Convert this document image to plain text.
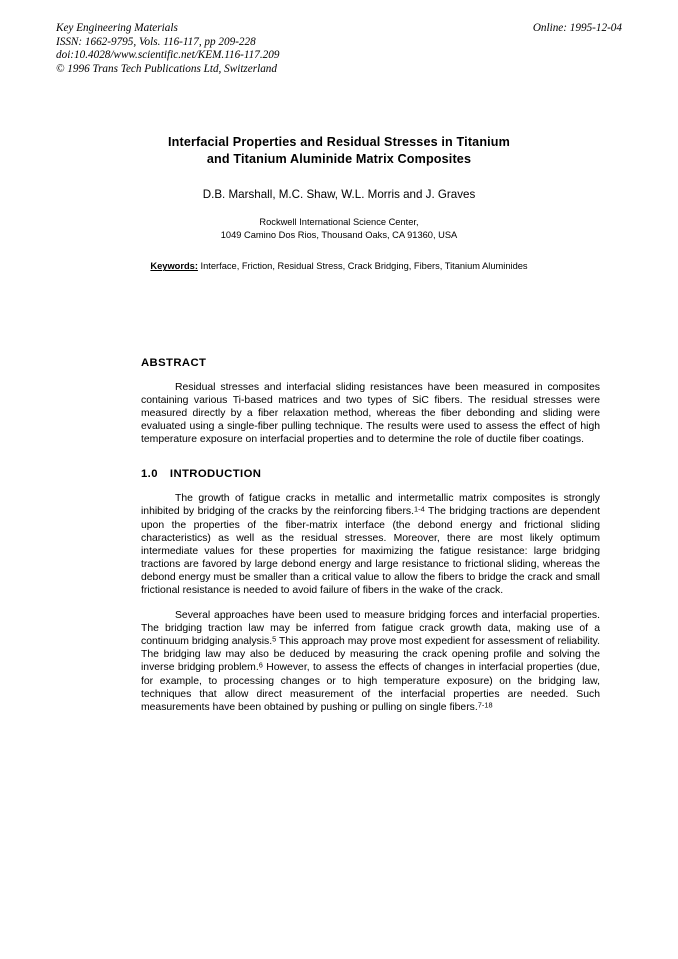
Key Engineering Materials
ISSN: 1662-9795, Vols. 116-117, pp 209-228
doi:10.4028/www.scientific.net/KEM.116-117.209
© 1996 Trans Tech Publications Ltd, Switzerland
Online: 1995-12-04
Interfacial Properties and Residual Stresses in Titanium
and Titanium Aluminide Matrix Composites
D.B. Marshall, M.C. Shaw, W.L. Morris and J. Graves
Rockwell International Science Center,
1049 Camino Dos Rios, Thousand Oaks, CA 91360, USA
Keywords: Interface, Friction, Residual Stress, Crack Bridging, Fibers, Titanium Aluminides
ABSTRACT

Residual stresses and interfacial sliding resistances have been measured in composites containing various Ti-based matrices and two types of SiC fibers. The residual stresses were measured directly by a fiber relaxation method, whereas the fiber debonding and sliding were evaluated using a single-fiber pulling technique. The results were used to assess the effect of high temperature exposure on interfacial properties and to determine the role of ductile fiber coatings.

1.0 INTRODUCTION

The growth of fatigue cracks in metallic and intermetallic matrix composites is strongly inhibited by bridging of the cracks by the reinforcing fibers.$^{1-4}$ The bridging tractions are dependent upon the properties of the fiber-matrix interface (the debond energy and frictional sliding characteristics) as well as the residual stresses. Moreover, there are most likely optimum intermediate values for these properties for maximizing the fatigue resistance: large bridging tractions are favored by large debond energy and large resistance to frictional sliding, whereas the debond energy must be smaller than a critical value to allow the fibers to bridge the crack and small frictional resistance is needed to avoid failure of fibers in the wake of the crack.

Several approaches have been used to measure bridging forces and interfacial properties. The bridging traction law may be inferred from fatigue crack growth data, making use of a continuum bridging analysis.$^5$ This approach may prove most expedient for assessment of reliability. The bridging law may also be deduced by measuring the crack opening profile and solving the inverse bridging problem.$^6$ However, to assess the effects of changes in interfacial properties (due, for example, to processing changes or to high temperature exposure) on the bridging law, techniques that allow direct measurement of the interfacial properties are needed. Such measurements have been obtained by pushing or pulling on single fibers.$^{7-18}$
